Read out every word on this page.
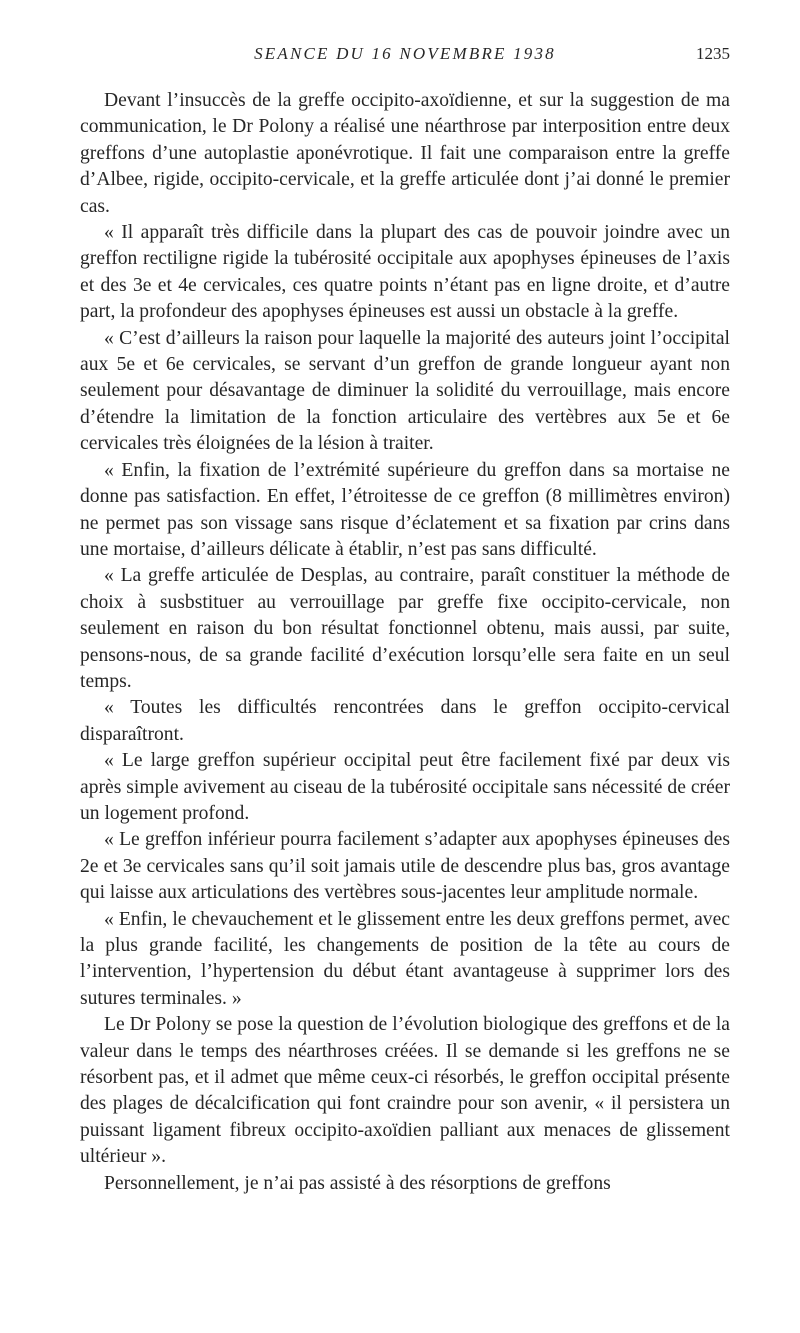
SEANCE DU 16 NOVEMBRE 1938	1235

Devant l’insuccès de la greffe occipito-axoïdienne, et sur la suggestion de ma communication, le Dr Polony a réalisé une néarthrose par interposition entre deux greffons d’une autoplastie aponévrotique. Il fait une comparaison entre la greffe d’Albee, rigide, occipito-cervicale, et la greffe articulée dont j’ai donné le premier cas.

« Il apparaît très difficile dans la plupart des cas de pouvoir joindre avec un greffon rectiligne rigide la tubérosité occipitale aux apophyses épineuses de l’axis et des 3e et 4e cervicales, ces quatre points n’étant pas en ligne droite, et d’autre part, la profondeur des apophyses épineuses est aussi un obstacle à la greffe.

« C’est d’ailleurs la raison pour laquelle la majorité des auteurs joint l’occipital aux 5e et 6e cervicales, se servant d’un greffon de grande longueur ayant non seulement pour désavantage de diminuer la solidité du verrouillage, mais encore d’étendre la limitation de la fonction articulaire des vertèbres aux 5e et 6e cervicales très éloignées de la lésion à traiter.

« Enfin, la fixation de l’extrémité supérieure du greffon dans sa mortaise ne donne pas satisfaction. En effet, l’étroitesse de ce greffon (8 millimètres environ) ne permet pas son vissage sans risque d’éclatement et sa fixation par crins dans une mortaise, d’ailleurs délicate à établir, n’est pas sans difficulté.

« La greffe articulée de Desplas, au contraire, paraît constituer la méthode de choix à susbstituer au verrouillage par greffe fixe occipito-cervicale, non seulement en raison du bon résultat fonctionnel obtenu, mais aussi, par suite, pensons-nous, de sa grande facilité d’exécution lorsqu’elle sera faite en un seul temps.

« Toutes les difficultés rencontrées dans le greffon occipito-cervical disparaîtront.

« Le large greffon supérieur occipital peut être facilement fixé par deux vis après simple avivement au ciseau de la tubérosité occipitale sans nécessité de créer un logement profond.

« Le greffon inférieur pourra facilement s’adapter aux apophyses épineuses des 2e et 3e cervicales sans qu’il soit jamais utile de descendre plus bas, gros avantage qui laisse aux articulations des vertèbres sous-jacentes leur amplitude normale.

« Enfin, le chevauchement et le glissement entre les deux greffons permet, avec la plus grande facilité, les changements de position de la tête au cours de l’intervention, l’hypertension du début étant avantageuse à supprimer lors des sutures terminales. »

Le Dr Polony se pose la question de l’évolution biologique des greffons et de la valeur dans le temps des néarthroses créées. Il se demande si les greffons ne se résorbent pas, et il admet que même ceux-ci résorbés, le greffon occipital présente des plages de décalcification qui font craindre pour son avenir, « il persistera un puissant ligament fibreux occipito-axoïdien palliant aux menaces de glissement ultérieur ».

Personnellement, je n’ai pas assisté à des résorptions de greffons
